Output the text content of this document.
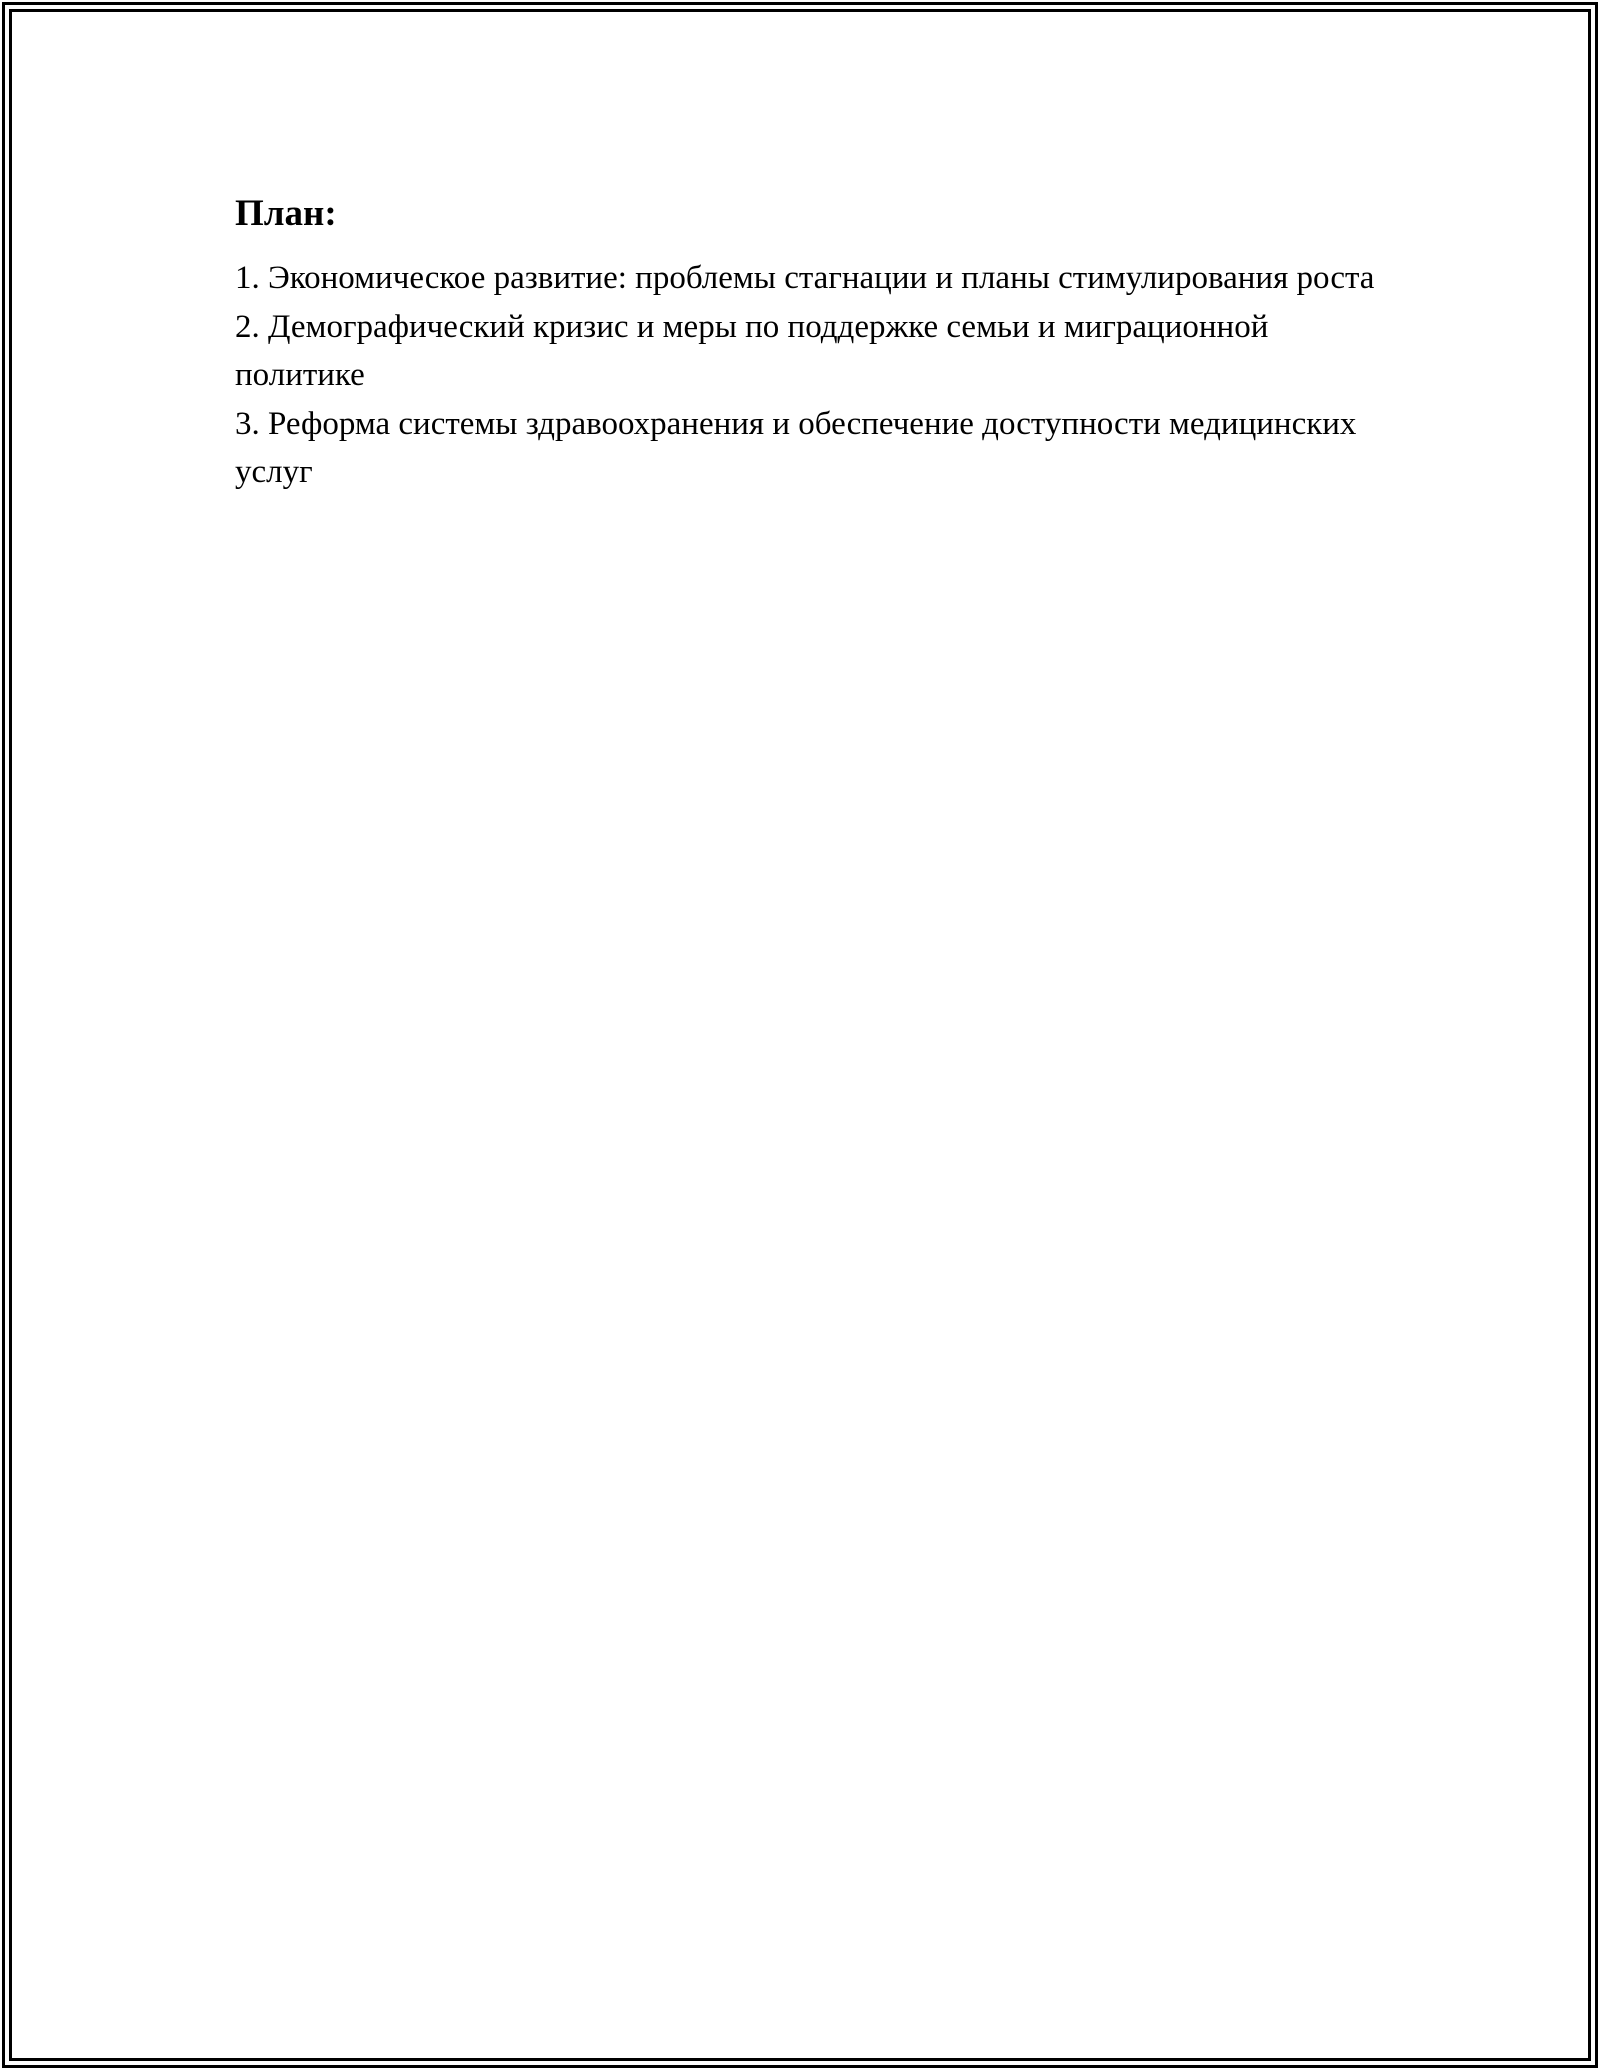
План:
1. Экономическое развитие: проблемы стагнации и планы стимулирования роста
2. Демографический кризис и меры по поддержке семьи и миграционной политике
3. Реформа системы здравоохранения и обеспечение доступности медицинских услуг
